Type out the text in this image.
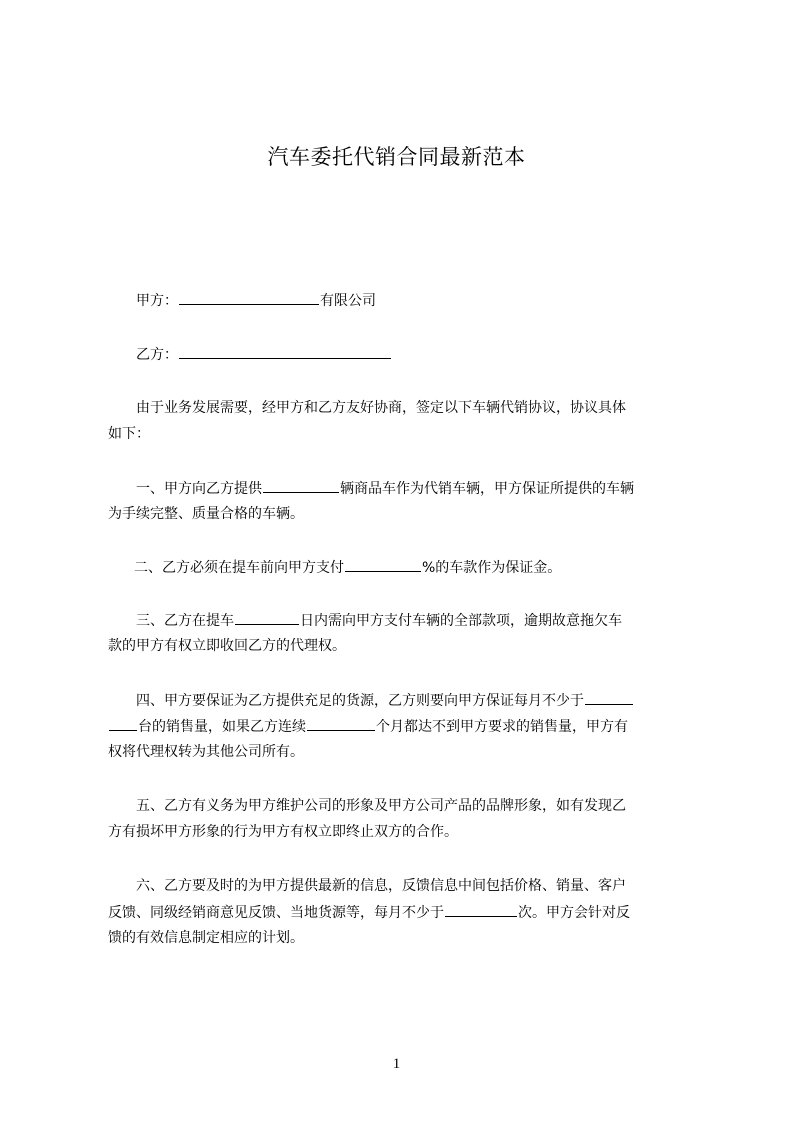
汽车委托代销合同最新范本
甲方：	有限公司
乙方：
由于业务发展需要，经甲方和乙方友好协商，签定以下车辆代销协议，协议具体
如下：
一、甲方向乙方提供	辆商品车作为代销车辆，甲方保证所提供的车辆
为手续完整、质量合格的车辆。
二、乙方必须在提车前向甲方支付	%的车款作为保证金。
三、乙方在提车	日内需向甲方支付车辆的全部款项，逾期故意拖欠车
款的甲方有权立即收回乙方的代理权。
四、甲方要保证为乙方提供充足的货源，乙方则要向甲方保证每月不少于
台的销售量，如果乙方连续	个月都达不到甲方要求的销售量，甲方有
权将代理权转为其他公司所有。
五、乙方有义务为甲方维护公司的形象及甲方公司产品的品牌形象，如有发现乙
方有损坏甲方形象的行为甲方有权立即终止双方的合作。
六、乙方要及时的为甲方提供最新的信息，反馈信息中间包括价格、销量、客户
反馈、同级经销商意见反馈、当地货源等，每月不少于	次。甲方会针对反
馈的有效信息制定相应的计划。
1
